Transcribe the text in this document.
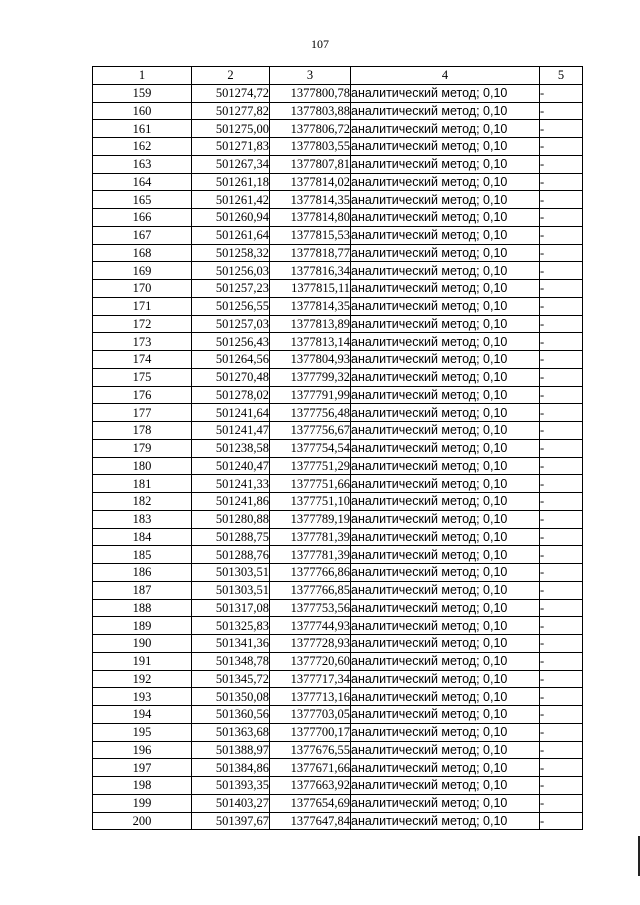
107
1	2	3	4	5
159	501274,72	1377800,78	аналитический метод; 0,10	-
160	501277,82	1377803,88	аналитический метод; 0,10	-
161	501275,00	1377806,72	аналитический метод; 0,10	-
162	501271,83	1377803,55	аналитический метод; 0,10	-
163	501267,34	1377807,81	аналитический метод; 0,10	-
164	501261,18	1377814,02	аналитический метод; 0,10	-
165	501261,42	1377814,35	аналитический метод; 0,10	-
166	501260,94	1377814,80	аналитический метод; 0,10	-
167	501261,64	1377815,53	аналитический метод; 0,10	-
168	501258,32	1377818,77	аналитический метод; 0,10	-
169	501256,03	1377816,34	аналитический метод; 0,10	-
170	501257,23	1377815,11	аналитический метод; 0,10	-
171	501256,55	1377814,35	аналитический метод; 0,10	-
172	501257,03	1377813,89	аналитический метод; 0,10	-
173	501256,43	1377813,14	аналитический метод; 0,10	-
174	501264,56	1377804,93	аналитический метод; 0,10	-
175	501270,48	1377799,32	аналитический метод; 0,10	-
176	501278,02	1377791,99	аналитический метод; 0,10	-
177	501241,64	1377756,48	аналитический метод; 0,10	-
178	501241,47	1377756,67	аналитический метод; 0,10	-
179	501238,58	1377754,54	аналитический метод; 0,10	-
180	501240,47	1377751,29	аналитический метод; 0,10	-
181	501241,33	1377751,66	аналитический метод; 0,10	-
182	501241,86	1377751,10	аналитический метод; 0,10	-
183	501280,88	1377789,19	аналитический метод; 0,10	-
184	501288,75	1377781,39	аналитический метод; 0,10	-
185	501288,76	1377781,39	аналитический метод; 0,10	-
186	501303,51	1377766,86	аналитический метод; 0,10	-
187	501303,51	1377766,85	аналитический метод; 0,10	-
188	501317,08	1377753,56	аналитический метод; 0,10	-
189	501325,83	1377744,93	аналитический метод; 0,10	-
190	501341,36	1377728,93	аналитический метод; 0,10	-
191	501348,78	1377720,60	аналитический метод; 0,10	-
192	501345,72	1377717,34	аналитический метод; 0,10	-
193	501350,08	1377713,16	аналитический метод; 0,10	-
194	501360,56	1377703,05	аналитический метод; 0,10	-
195	501363,68	1377700,17	аналитический метод; 0,10	-
196	501388,97	1377676,55	аналитический метод; 0,10	-
197	501384,86	1377671,66	аналитический метод; 0,10	-
198	501393,35	1377663,92	аналитический метод; 0,10	-
199	501403,27	1377654,69	аналитический метод; 0,10	-
200	501397,67	1377647,84	аналитический метод; 0,10	-
